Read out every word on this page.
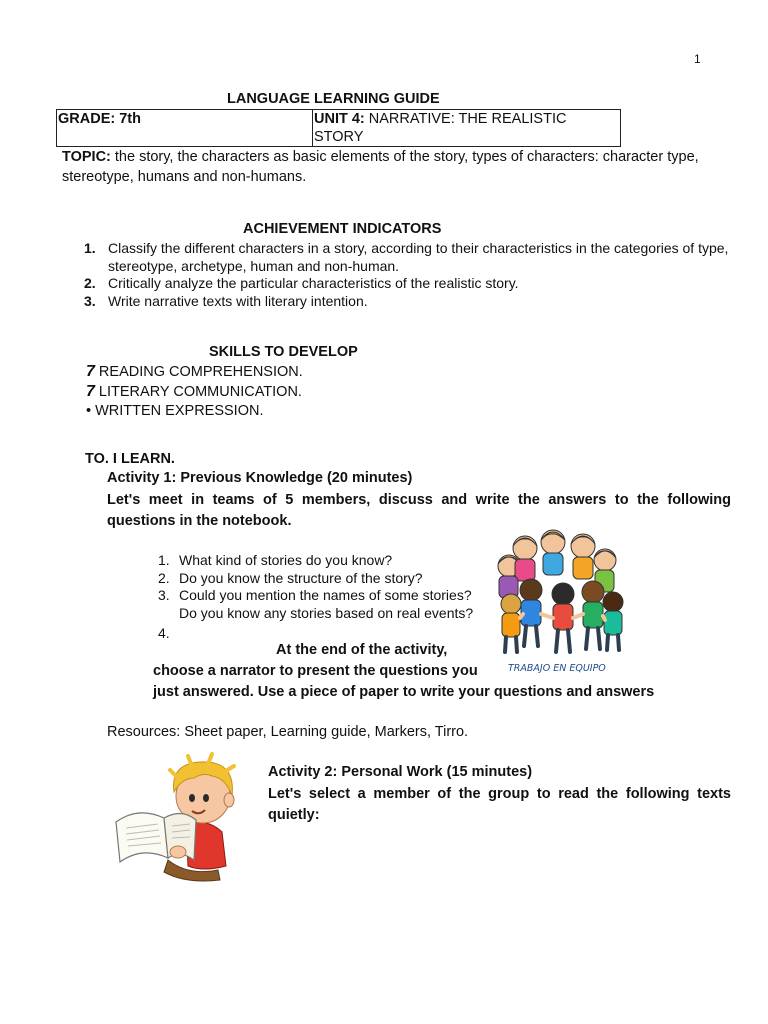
1
LANGUAGE LEARNING GUIDE
GRADE: 7th	UNIT 4: NARRATIVE: THE REALISTIC STORY
TOPIC: the story, the characters as basic elements of the story, types of characters: character type, stereotype, humans and non-humans.
ACHIEVEMENT INDICATORS
1. Classify the different characters in a story, according to their characteristics in the categories of type, stereotype, archetype, human and non-human.
2. Critically analyze the particular characteristics of the realistic story.
3. Write narrative texts with literary intention.
SKILLS TO DEVELOP
7 READING COMPREHENSION.
7 LITERARY COMMUNICATION.
• WRITTEN EXPRESSION.
TO. I LEARN.
Activity 1: Previous Knowledge (20 minutes)
Let's meet in teams of 5 members, discuss and write the answers to the following questions in the notebook.
1. What kind of stories do you know?
2. Do you know the structure of the story?
3. Could you mention the names of some stories?
Do you know any stories based on real events?
4.
At the end of the activity,
choose a narrator to present the questions you
just answered. Use a piece of paper to write your questions and answers
TRABAJO EN EQUIPO
Resources: Sheet paper, Learning guide, Markers, Tirro.
Activity 2: Personal Work (15 minutes)
Let's select a member of the group to read the following texts quietly:
